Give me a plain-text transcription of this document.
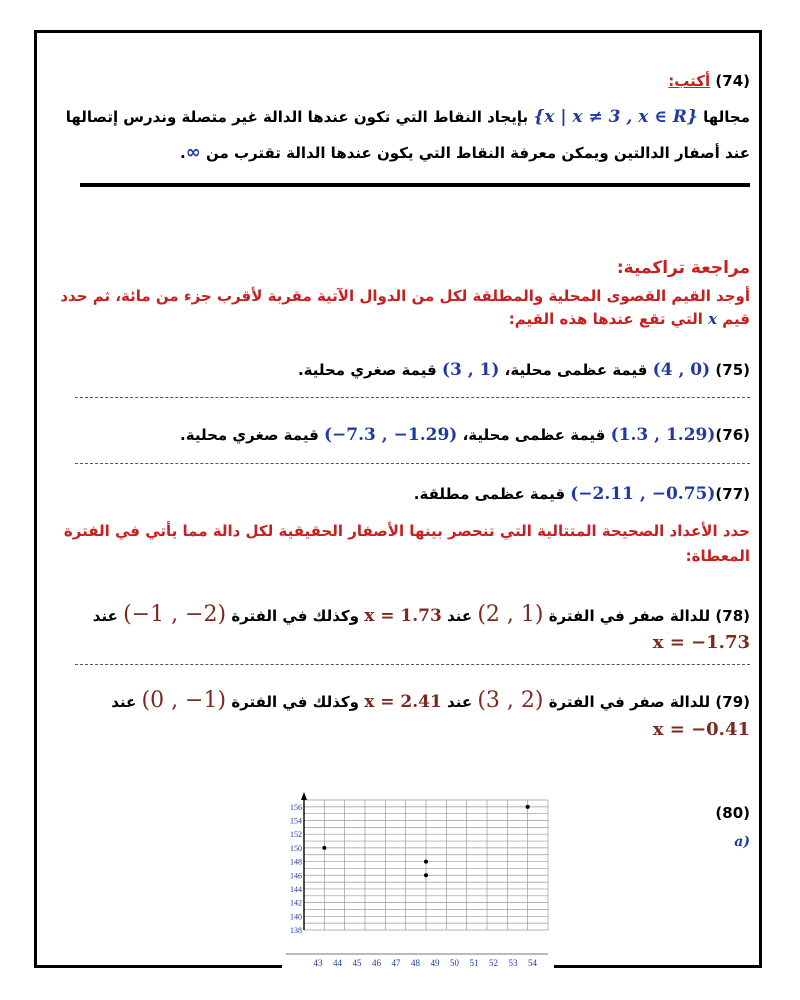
(74) أكتب:
مجالها {x | x ≠ 3 , x ∈ R} بإيجاد النقاط التي تكون عندها الدالة غير متصلة وندرس إتصالها
عند أصفار الدالتين ويمكن معرفة النقاط التي يكون عندها الدالة تقترب من ∞.
مراجعة تراكمية:
أوجد القيم القصوى المحلية والمطلقة لكل من الدوال الآتية مقربة لأقرب جزء من مائة، ثم حدد
قيم x التي تقع عندها هذه القيم:
(75) (4 , 0) قيمة عظمى محلية، (3 , 1) قيمة صغري محلية.
(76)(1.3 , 1.29) قيمة عظمى محلية، (−7.3 , −1.29) قيمة صغري محلية.
(77)(−2.11 , −0.75) قيمة عظمى مطلقة.
حدد الأعداد الصحيحة المتتالية التي تنحصر بينها الأصفار الحقيقية لكل دالة مما يأتي في الفترة
المعطاة:
(78) للدالة صفر في الفترة (2 , 1) عند x = 1.73 وكذلك في الفترة (−1 , −2) عند
x = −1.73
(79) للدالة صفر في الفترة (3 , 2) عند x = 2.41 وكذلك في الفترة (0 , −1) عند
x = −0.41
(80)
(a
156
154
152
150
148
146
144
142
140
138
43 44 45 46 47 48 49 50 51 52 53 54
